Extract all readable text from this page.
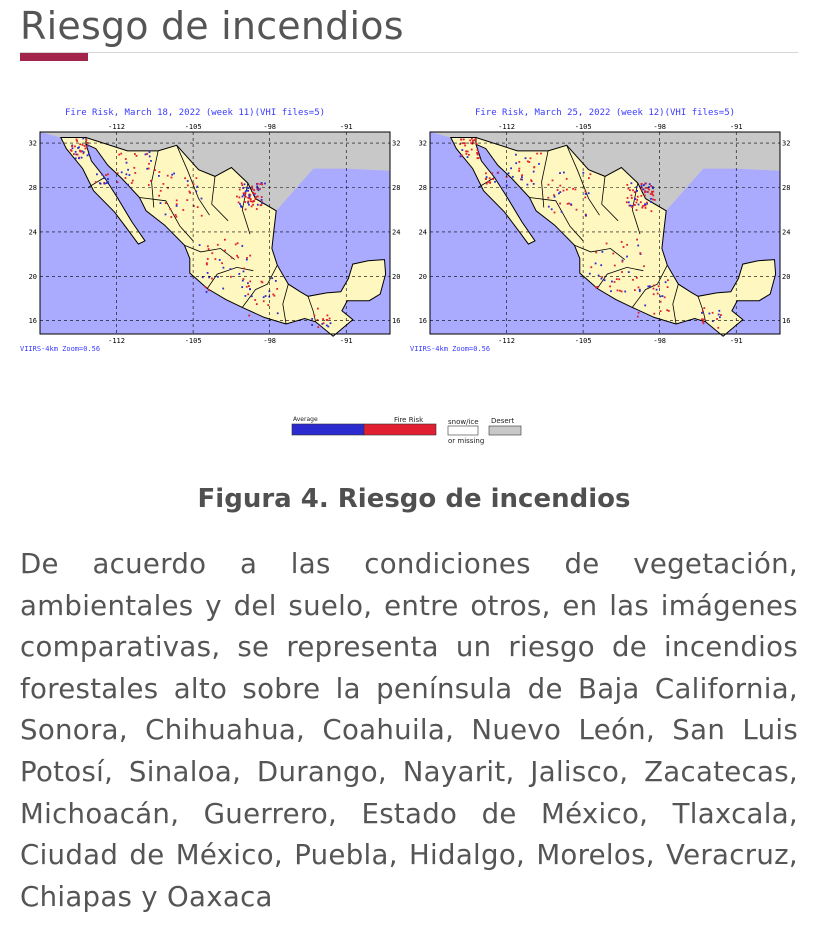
Riesgo de incendios
Fire Risk, March 18, 2022 (week 11)(VHI files=5)
-112
-112
-105
-105
-98
-98
-91
-91
32	32
28	28
24	24
20	20
16	16
VIIRS-4km Zoom=0.56
Fire Risk, March 25, 2022 (week 12)(VHI files=5)
-112
-112
-105
-105
-98
-98
-91
-91
32	32
28	28
24	24
20	20
16	16
VIIRS-4km Zoom=0.56
Average	Fire Risk	snow/ice
or missing
Desert
Figura 4. Riesgo de incendios
De acuerdo a las condiciones de vegetación, ambientales y del suelo, entre otros, en las imágenes comparativas, se representa un riesgo de incendios forestales alto sobre la península de Baja California, Sonora, Chihuahua, Coahuila, Nuevo León, San Luis Potosí, Sinaloa, Durango, Nayarit, Jalisco, Zacatecas, Michoacán, Guerrero, Estado de México, Tlaxcala, Ciudad de México, Puebla, Hidalgo, Morelos, Veracruz, Chiapas y Oaxaca
